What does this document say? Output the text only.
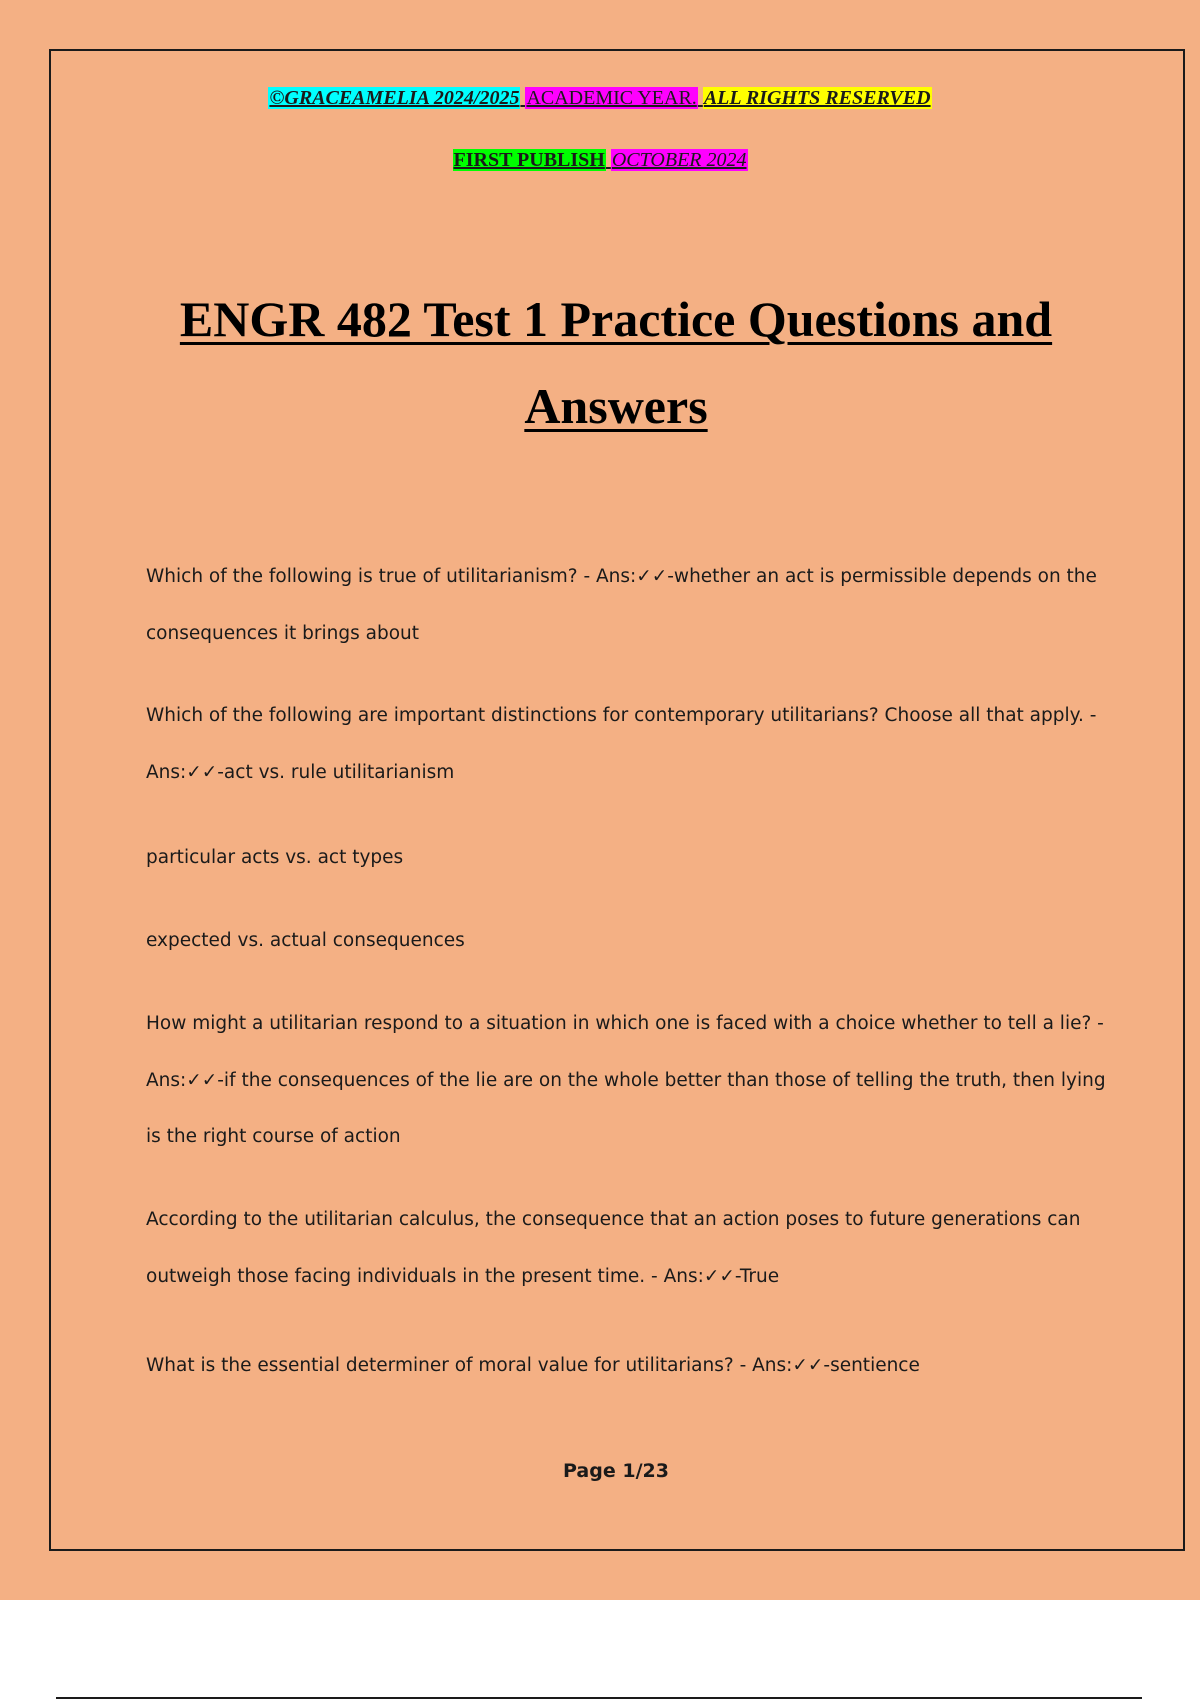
©GRACEAMELIA 2024/2025 ACADEMIC YEAR. ALL RIGHTS RESERVED
FIRST PUBLISH OCTOBER 2024
ENGR 482 Test 1 Practice Questions and
Answers
Which of the following is true of utilitarianism? - Ans:✓✓-whether an act is permissible depends on the
consequences it brings about
Which of the following are important distinctions for contemporary utilitarians? Choose all that apply. -
Ans:✓✓-act vs. rule utilitarianism
particular acts vs. act types
expected vs. actual consequences
How might a utilitarian respond to a situation in which one is faced with a choice whether to tell a lie? -
Ans:✓✓-if the consequences of the lie are on the whole better than those of telling the truth, then lying
is the right course of action
According to the utilitarian calculus, the consequence that an action poses to future generations can
outweigh those facing individuals in the present time. - Ans:✓✓-True
What is the essential determiner of moral value for utilitarians? - Ans:✓✓-sentience
Page 1/23
